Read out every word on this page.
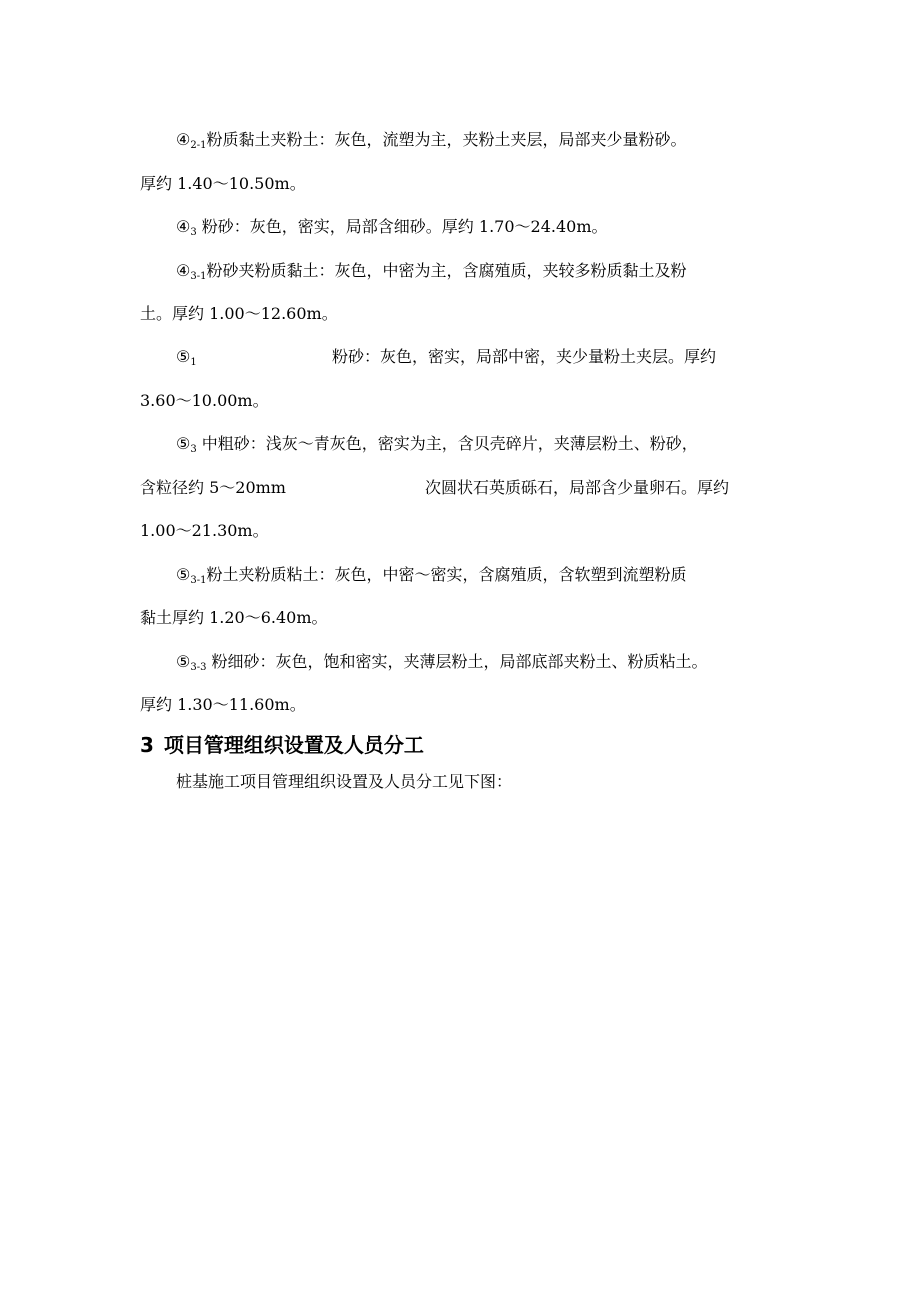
$④_{2-1}$粉质黏土夹粉土：灰色，流塑为主，夹粉土夹层，局部夹少量粉砂。
厚约 1.40～10.50m。
$④_3$ 粉砂：灰色，密实，局部含细砂。厚约 1.70～24.40m。
$④_{3-1}$粉砂夹粉质黏土：灰色，中密为主，含腐殖质，夹较多粉质黏土及粉
土。厚约 1.00～12.60m。
$⑤_1$	粉砂：灰色，密实，局部中密，夹少量粉土夹层。厚约
3.60～10.00m。
$⑤_3$ 中粗砂：浅灰～青灰色，密实为主，含贝壳碎片，夹薄层粉土、粉砂，
含粒径约 5～20mm	次圆状石英质砾石，局部含少量卵石。厚约
1.00～21.30m。
$⑤_{3-1}$粉土夹粉质粘土：灰色，中密～密实，含腐殖质，含软塑到流塑粉质
黏土厚约 1.20～6.40m。
$⑤_{3-3}$ 粉细砂：灰色，饱和密实，夹薄层粉土，局部底部夹粉土、粉质粘土。
厚约 1.30～11.60m。
3 项目管理组织设置及人员分工
桩基施工项目管理组织设置及人员分工见下图：
